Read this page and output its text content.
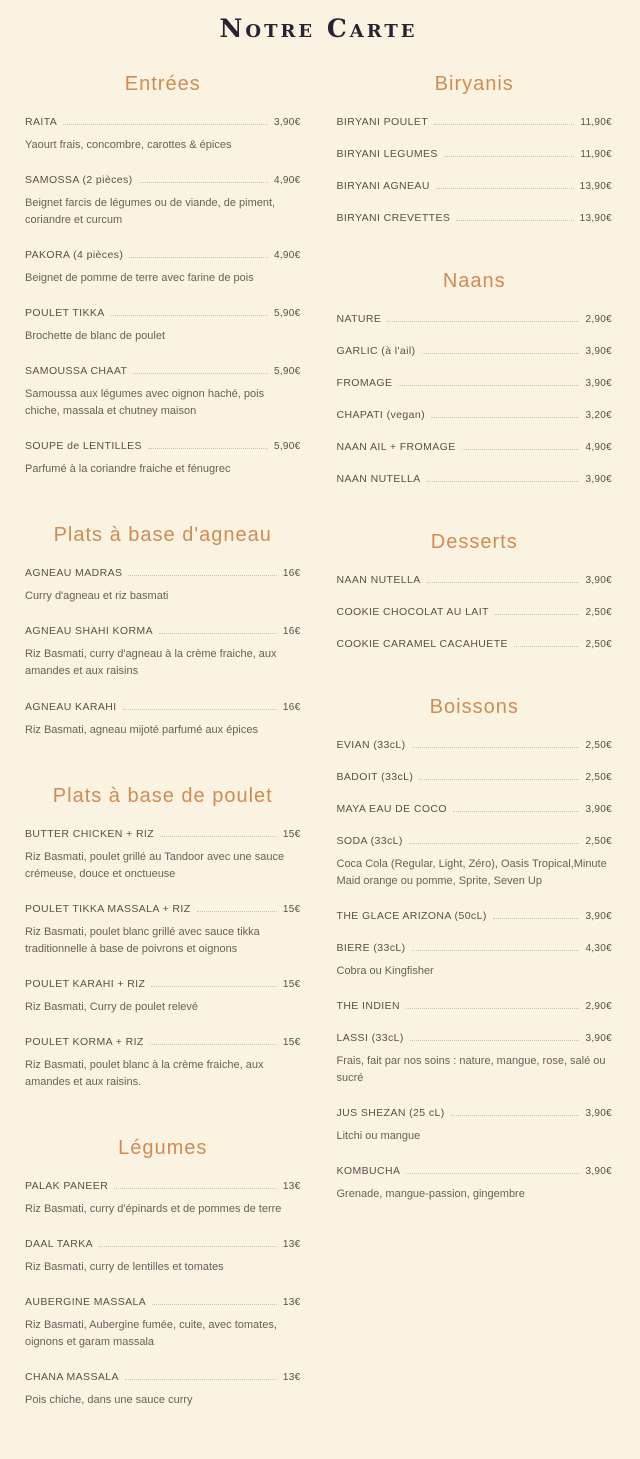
Notre Carte
Entrées
RAITA	3,90€

Yaourt frais, concombre, carottes & épices

SAMOSSA (2 pièces)	4,90€

Beignet farcis de légumes ou de viande, de piment, coriandre et curcum

PAKORA (4 pièces)	4,90€

Beignet de pomme de terre avec farine de pois

POULET TIKKA	5,90€

Brochette de blanc de poulet

SAMOUSSA CHAAT	5,90€

Samoussa aux légumes avec oignon haché, pois chiche, massala et chutney maison

SOUPE de LENTILLES	5,90€

Parfumé à la coriandre fraiche et fénugrec

Plats à base d'agneau
AGNEAU MADRAS	16€

Curry d'agneau et riz basmati

AGNEAU SHAHI KORMA	16€

Riz Basmati, curry d'agneau à la crème fraiche, aux amandes et aux raisins

AGNEAU KARAHI	16€

Riz Basmati, agneau mijoté parfumé aux épices

Plats à base de poulet
BUTTER CHICKEN + RIZ	15€

Riz Basmati, poulet grillé au Tandoor avec une sauce crémeuse, douce et onctueuse

POULET TIKKA MASSALA + RIZ	15€

Riz Basmati, poulet blanc grillé avec sauce tikka traditionnelle à base de poivrons et oignons

POULET KARAHI + RIZ	15€

Riz Basmati, Curry de poulet relevé

POULET KORMA + RIZ	15€

Riz Basmati, poulet blanc à la crème fraiche, aux amandes et aux raisins.

Légumes
PALAK PANEER	13€

Riz Basmati, curry d'épinards et de pommes de terre

DAAL TARKA	13€

Riz Basmati, curry de lentilles et tomates

AUBERGINE MASSALA	13€

Riz Basmati, Aubergine fumée, cuite, avec tomates, oignons et garam massala

CHANA MASSALA	13€

Pois chiche, dans une sauce curry

Biryanis
BIRYANI POULET	11,90€
BIRYANI LEGUMES	11,90€
BIRYANI AGNEAU	13,90€
BIRYANI CREVETTES	13,90€
Naans
NATURE	2,90€
GARLIC (à l'ail)	3,90€
FROMAGE	3,90€
CHAPATI (vegan)	3,20€
NAAN AIL + FROMAGE	4,90€
NAAN NUTELLA	3,90€
Desserts
NAAN NUTELLA	3,90€
COOKIE CHOCOLAT AU LAIT	2,50€
COOKIE CARAMEL CACAHUETE	2,50€
Boissons
EVIAN (33cL)	2,50€
BADOIT (33cL)	2,50€
MAYA EAU DE COCO	3,90€
SODA (33cL)	2,50€

Coca Cola (Regular, Light, Zéro), Oasis Tropical,Minute Maid orange ou pomme, Sprite, Seven Up

THE GLACE ARIZONA (50cL)	3,90€
BIERE (33cL)	4,30€

Cobra ou Kingfisher

THE INDIEN	2,90€
LASSI (33cL)	3,90€

Frais, fait par nos soins : nature, mangue, rose, salé ou sucré

JUS SHEZAN (25 cL)	3,90€

Litchi ou mangue

KOMBUCHA	3,90€

Grenade, mangue-passion, gingembre
